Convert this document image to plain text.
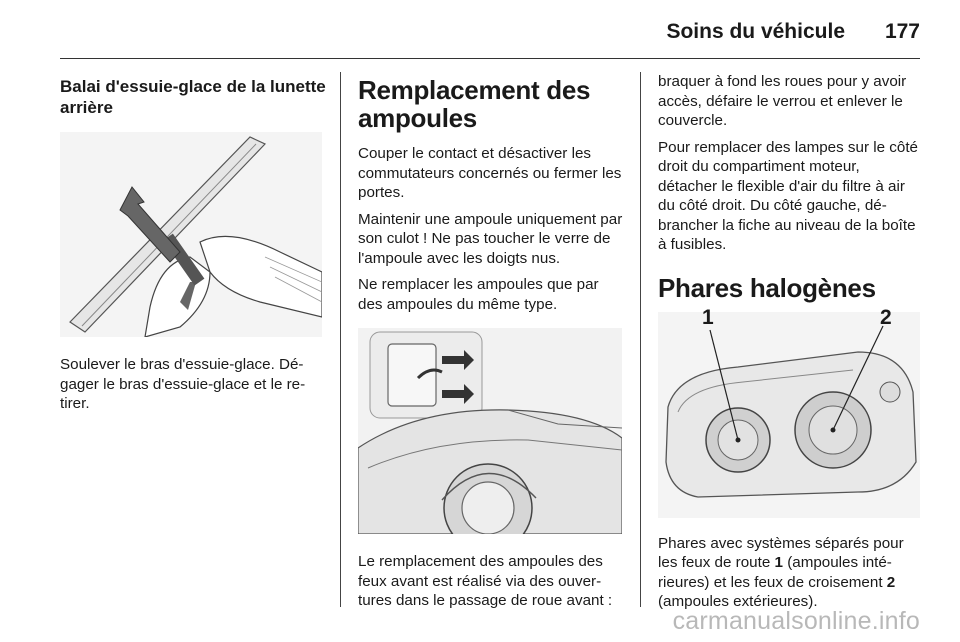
Soins du véhicule 177
Balai d'essuie-glace de la lunette arrière

Soulever le bras d'essuie-glace. Dé-gager le bras d'essuie-glace et le re-tirer.

Remplacement des ampoules

Couper le contact et désactiver les commutateurs concernés ou fermer les portes.

Maintenir une ampoule uniquement par son culot ! Ne pas toucher le verre de l'ampoule avec les doigts nus.

Ne remplacer les ampoules que par des ampoules du même type.

Le remplacement des ampoules des feux avant est réalisé via des ouver-tures dans le passage de roue avant :

braquer à fond les roues pour y avoir accès, défaire le verrou et enlever le couvercle.

Pour remplacer des lampes sur le côté droit du compartiment moteur, détacher le flexible d'air du filtre à air du côté droit. Du côté gauche, dé-brancher la fiche au niveau de la boîte à fusibles.

Phares halogènes
1	2

Phares avec systèmes séparés pour les feux de route 1 (ampoules inté-rieures) et les feux de croisement 2 (ampoules extérieures).

carmanualsonline.info
